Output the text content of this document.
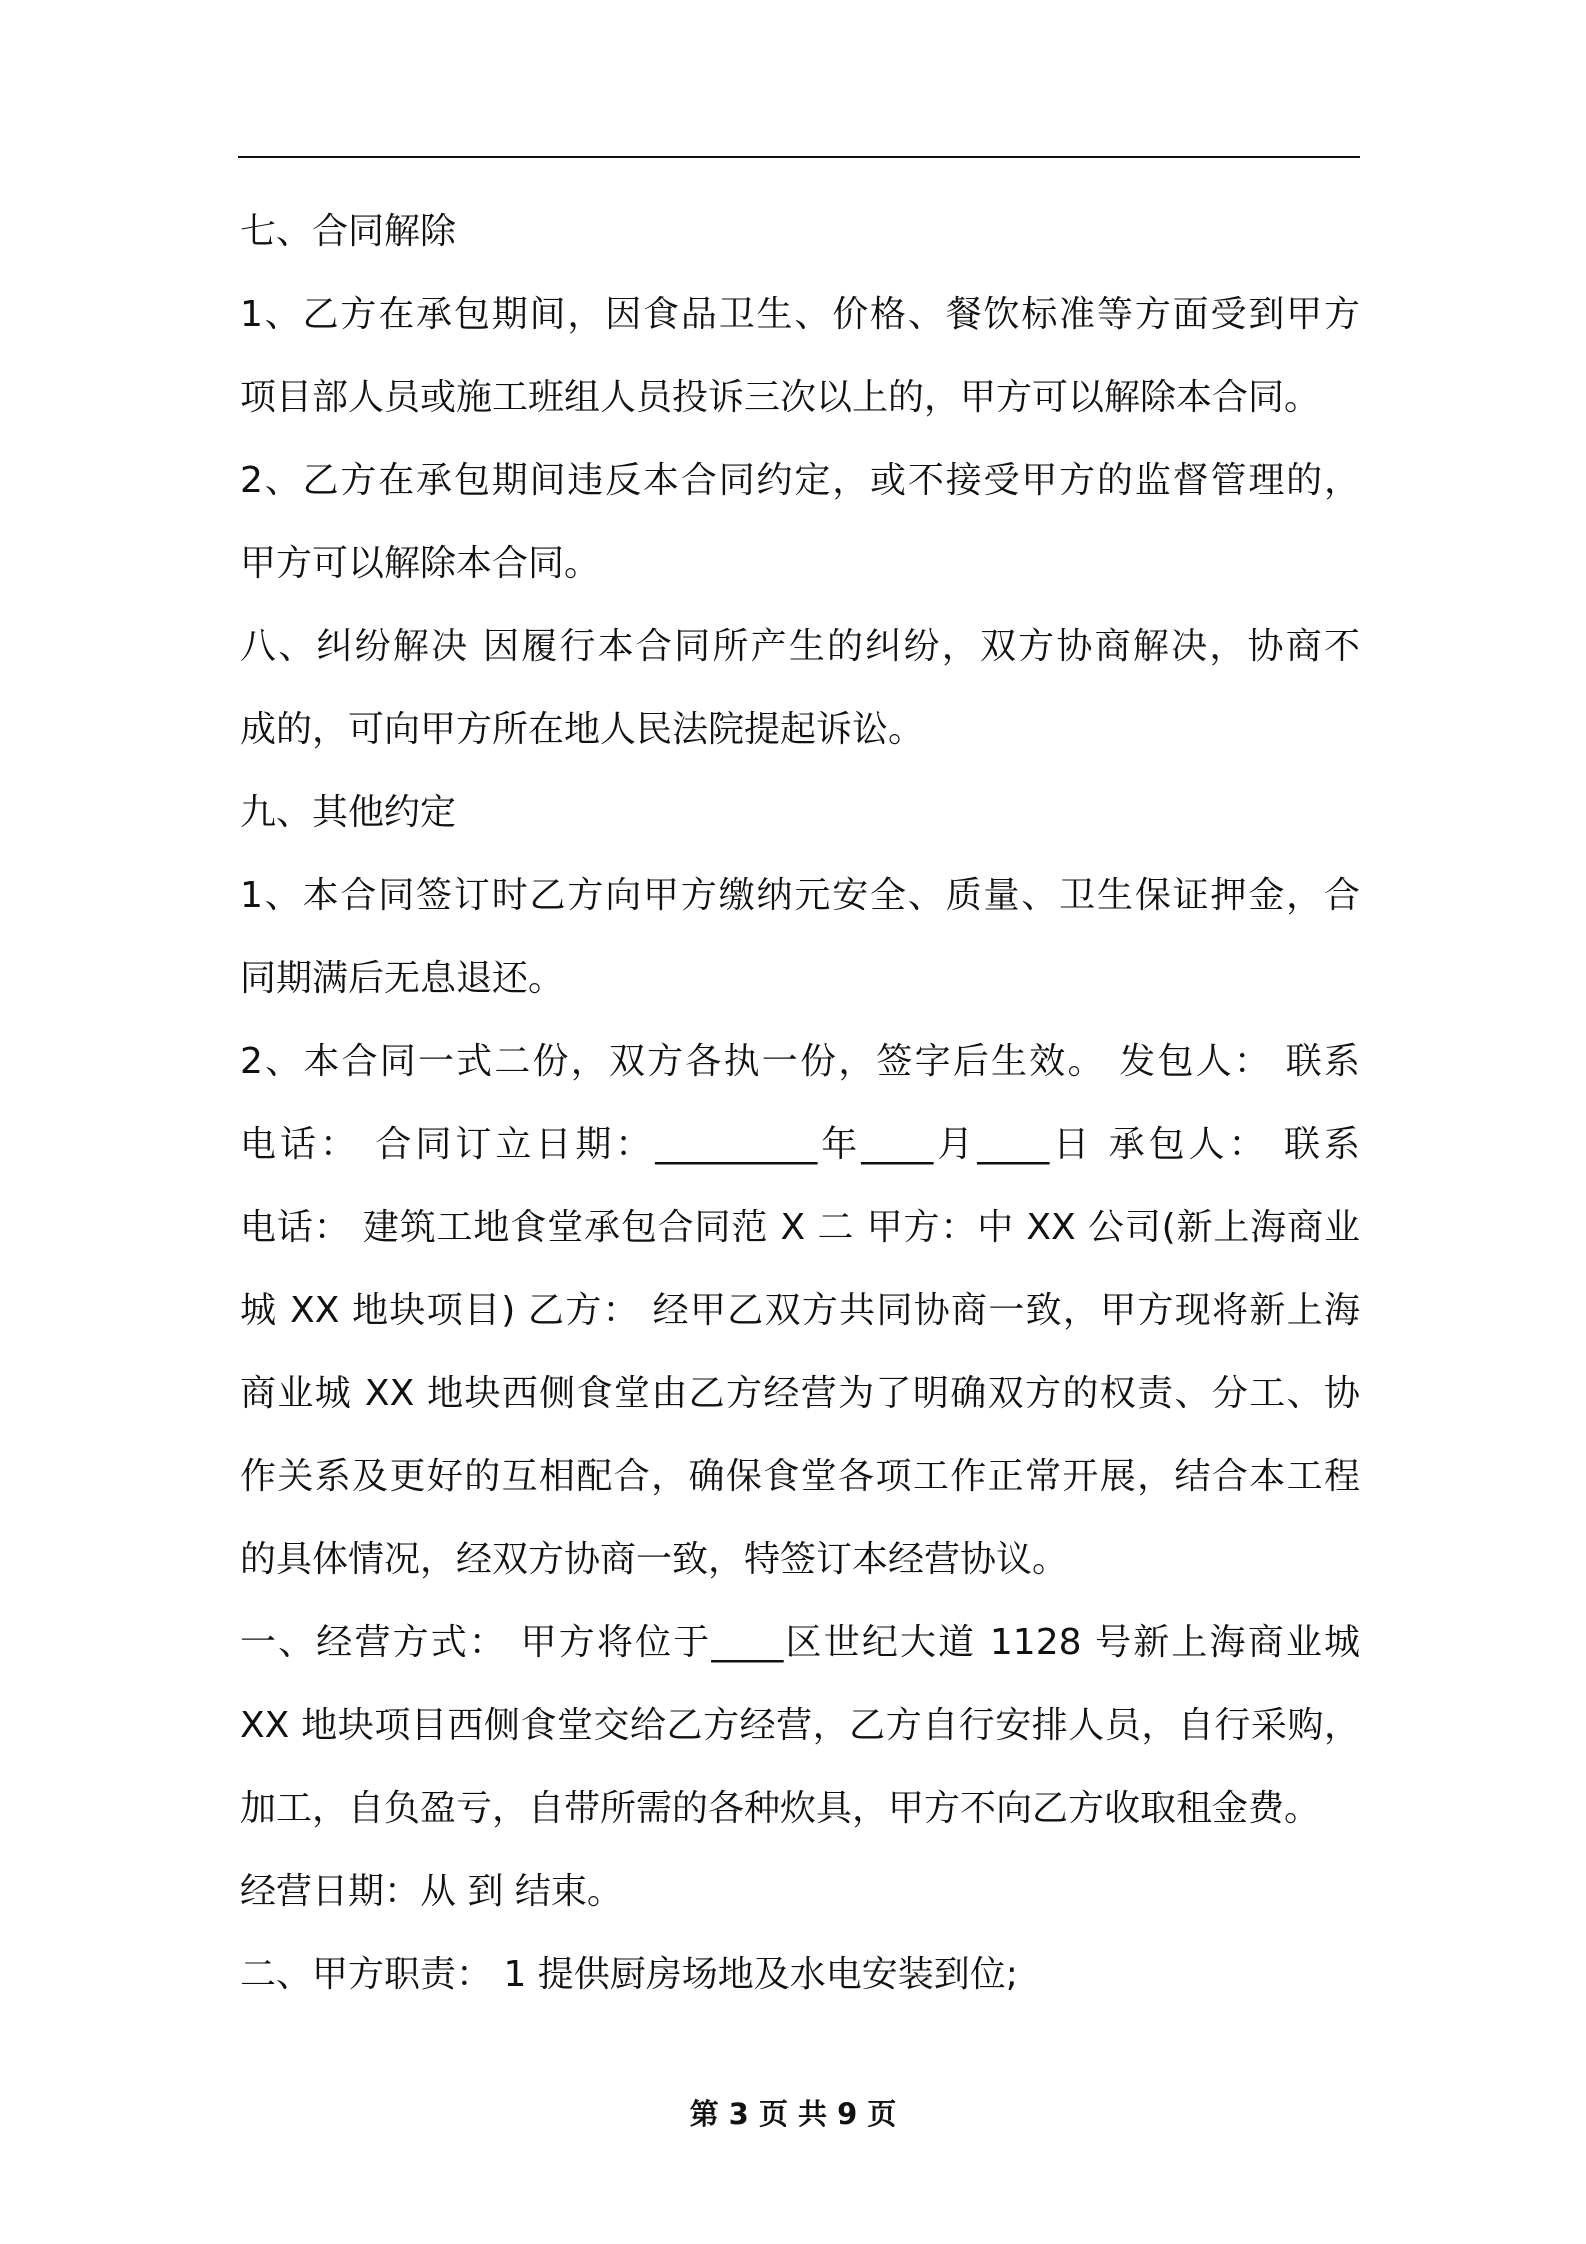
七、合同解除
1、乙方在承包期间，因食品卫生、价格、餐饮标准等方面受到甲方
项目部人员或施工班组人员投诉三次以上的，甲方可以解除本合同。
2、乙方在承包期间违反本合同约定，或不接受甲方的监督管理的，
甲方可以解除本合同。
八、纠纷解决 因履行本合同所产生的纠纷，双方协商解决，协商不
成的，可向甲方所在地人民法院提起诉讼。
九、其他约定
1、本合同签订时乙方向甲方缴纳元安全、质量、卫生保证押金，合
同期满后无息退还。
2、本合同一式二份，双方各执一份，签字后生效。 发包人： 联系
电话： 合同订立日期：_________年____月____日 承包人： 联系
电话： 建筑工地食堂承包合同范 X 二 甲方：中 XX 公司(新上海商业
城 XX 地块项目) 乙方： 经甲乙双方共同协商一致，甲方现将新上海
商业城 XX 地块西侧食堂由乙方经营为了明确双方的权责、分工、协
作关系及更好的互相配合，确保食堂各项工作正常开展，结合本工程
的具体情况，经双方协商一致，特签订本经营协议。
一、经营方式： 甲方将位于____区世纪大道 1128 号新上海商业城
XX 地块项目西侧食堂交给乙方经营，乙方自行安排人员，自行采购，
加工，自负盈亏，自带所需的各种炊具，甲方不向乙方收取租金费。
经营日期：从 到 结束。
二、甲方职责： 1 提供厨房场地及水电安装到位;
第 3 页 共 9 页
